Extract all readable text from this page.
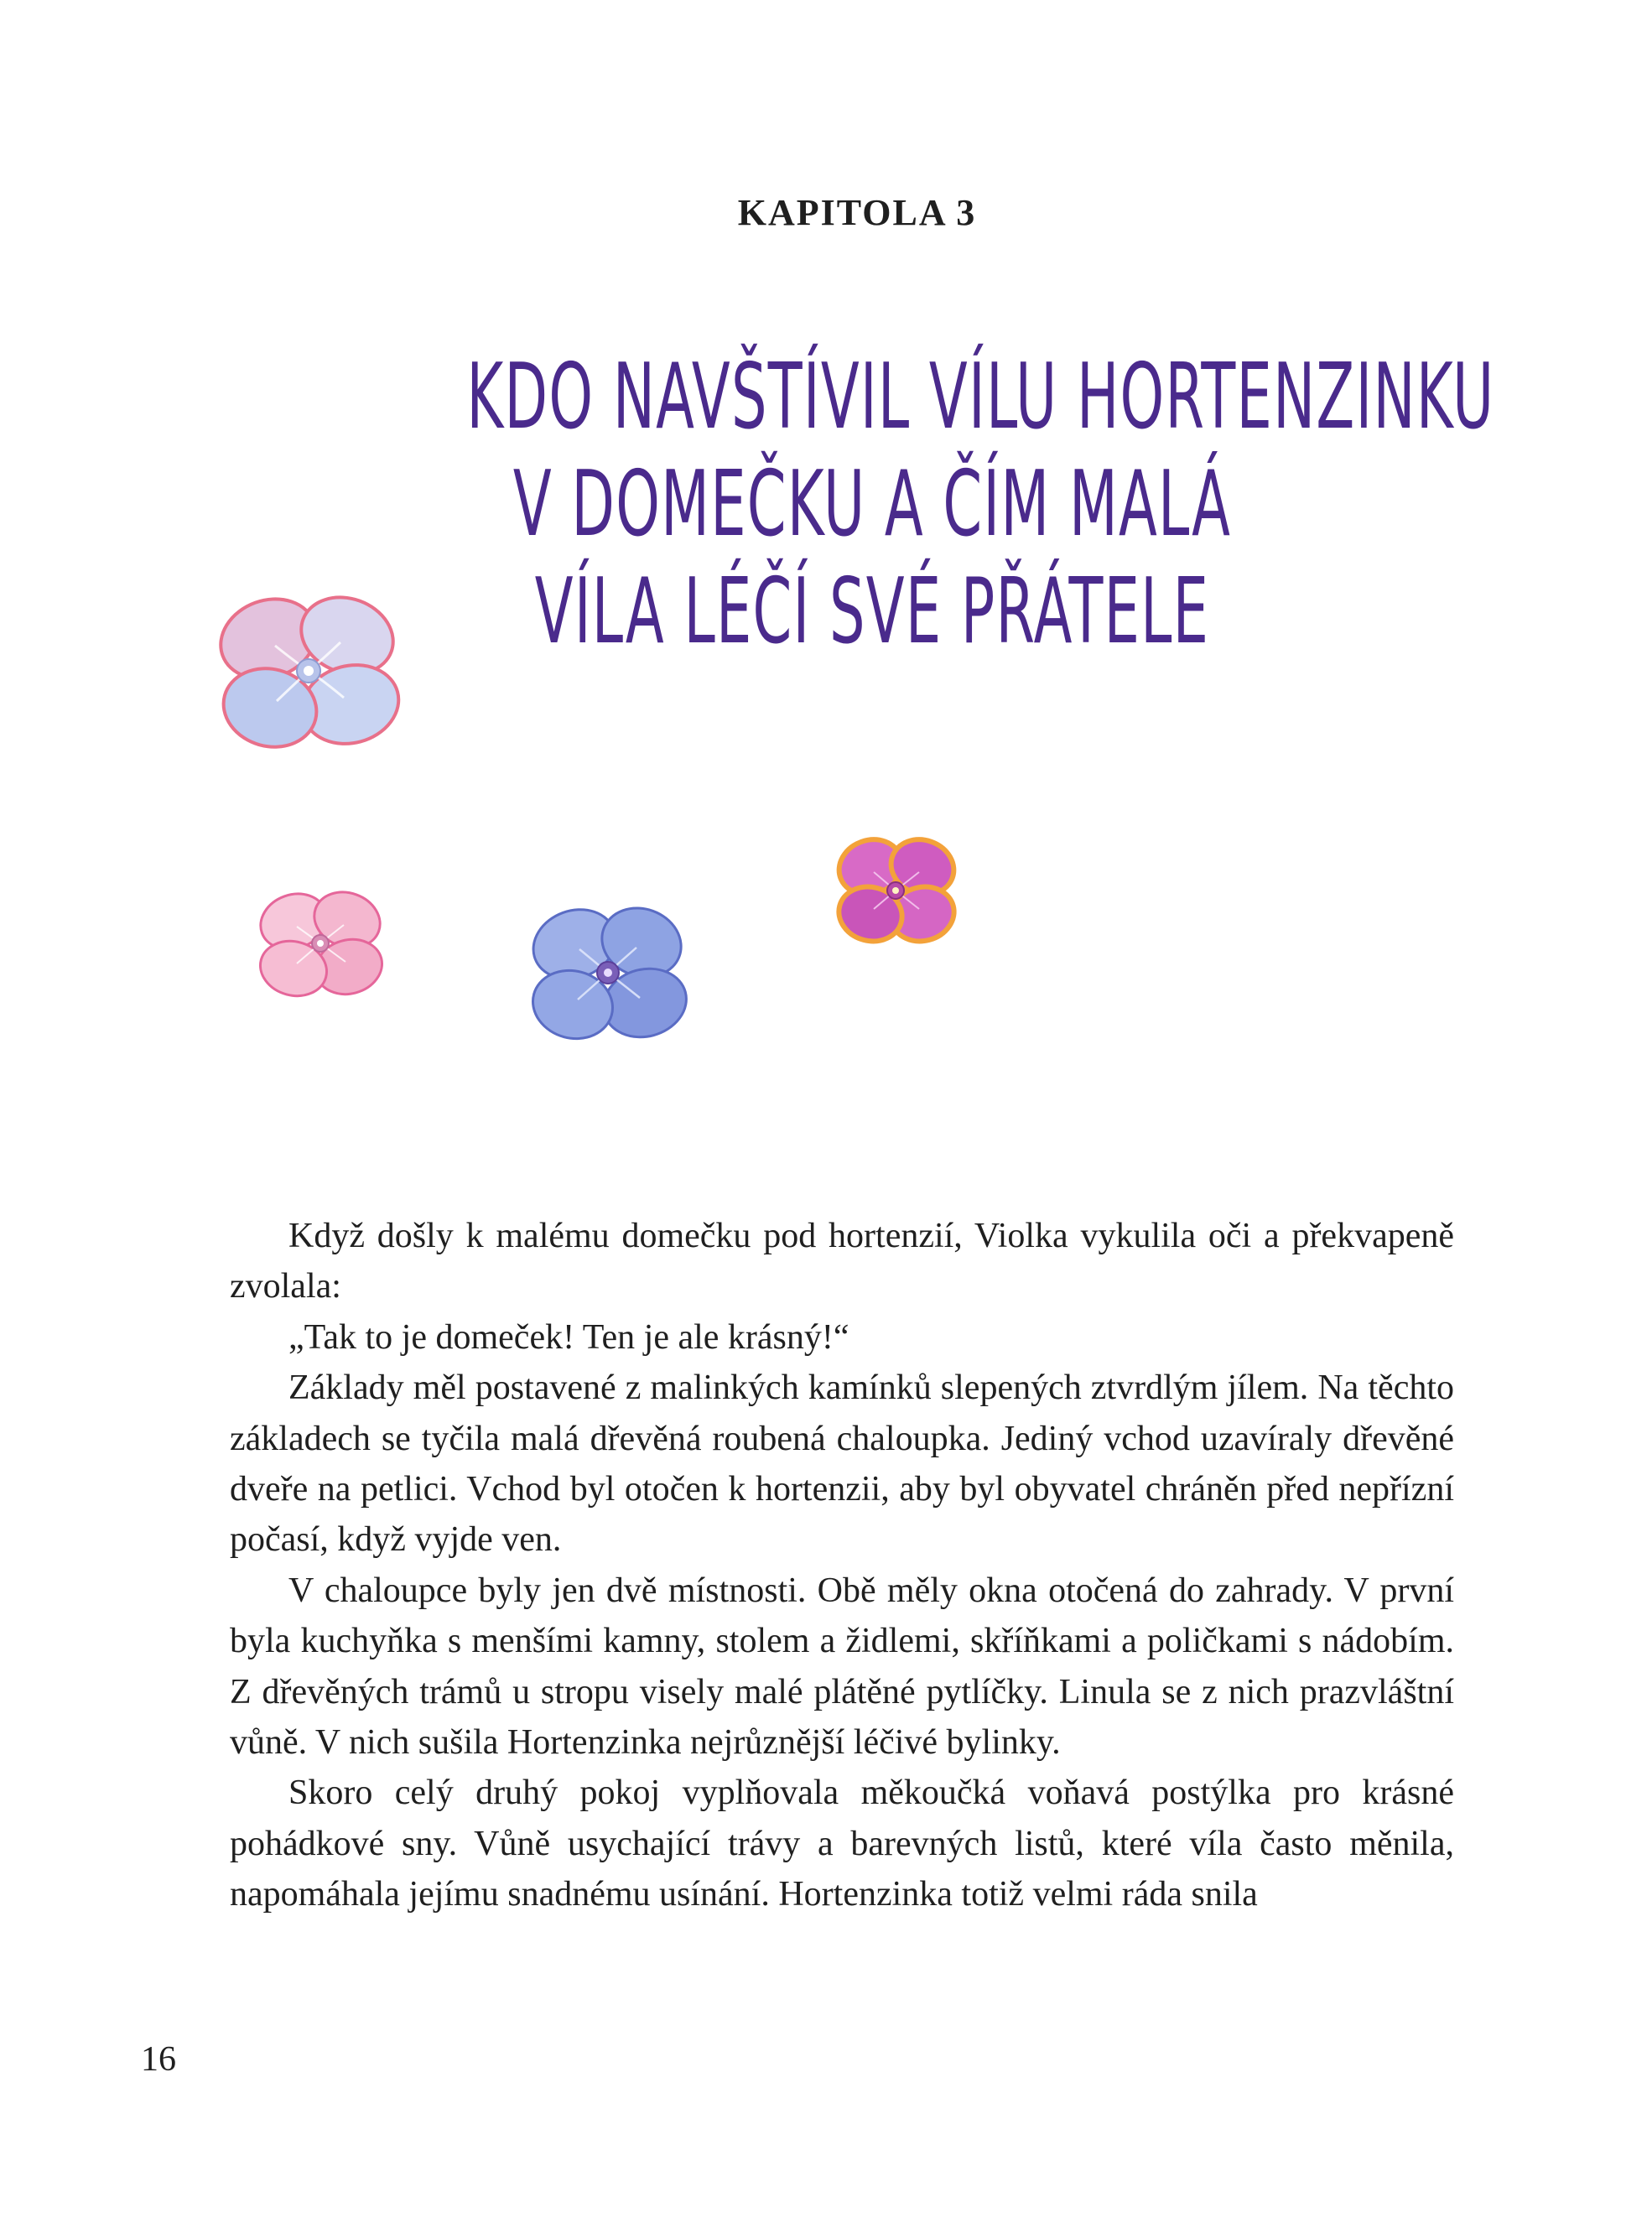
KAPITOLA 3
KDO NAVŠTÍVIL VÍLU HORTENZINKU
V DOMEČKU A ČÍM MALÁ
VÍLA LÉČÍ SVÉ PŘÁTELE

Když došly k malému domečku pod hortenzií, Violka vykulila oči a překvapeně zvolala:

„Tak to je domeček! Ten je ale krásný!“

Základy měl postavené z malinkých kamínků slepených ztvrdlým jílem. Na těchto základech se tyčila malá dřevěná roubená chaloupka. Jediný vchod uzavíraly dřevěné dveře na petlici. Vchod byl otočen k hortenzii, aby byl obyvatel chráněn před nepřízní počasí, když vyjde ven.

V chaloupce byly jen dvě místnosti. Obě měly okna otočená do zahrady. V první byla kuchyňka s menšími kamny, stolem a židlemi, skříňkami a poličkami s nádobím. Z dřevěných trámů u stropu visely malé plátěné pytlíčky. Linula se z nich prazvláštní vůně. V nich sušila Hortenzinka nejrůznější léčivé bylinky.

Skoro celý druhý pokoj vyplňovala měkoučká voňavá postýlka pro krásné pohádkové sny. Vůně usychající trávy a barevných listů, které víla často měnila, napomáhala jejímu snadnému usínání. Hortenzinka totiž velmi ráda snila

16
